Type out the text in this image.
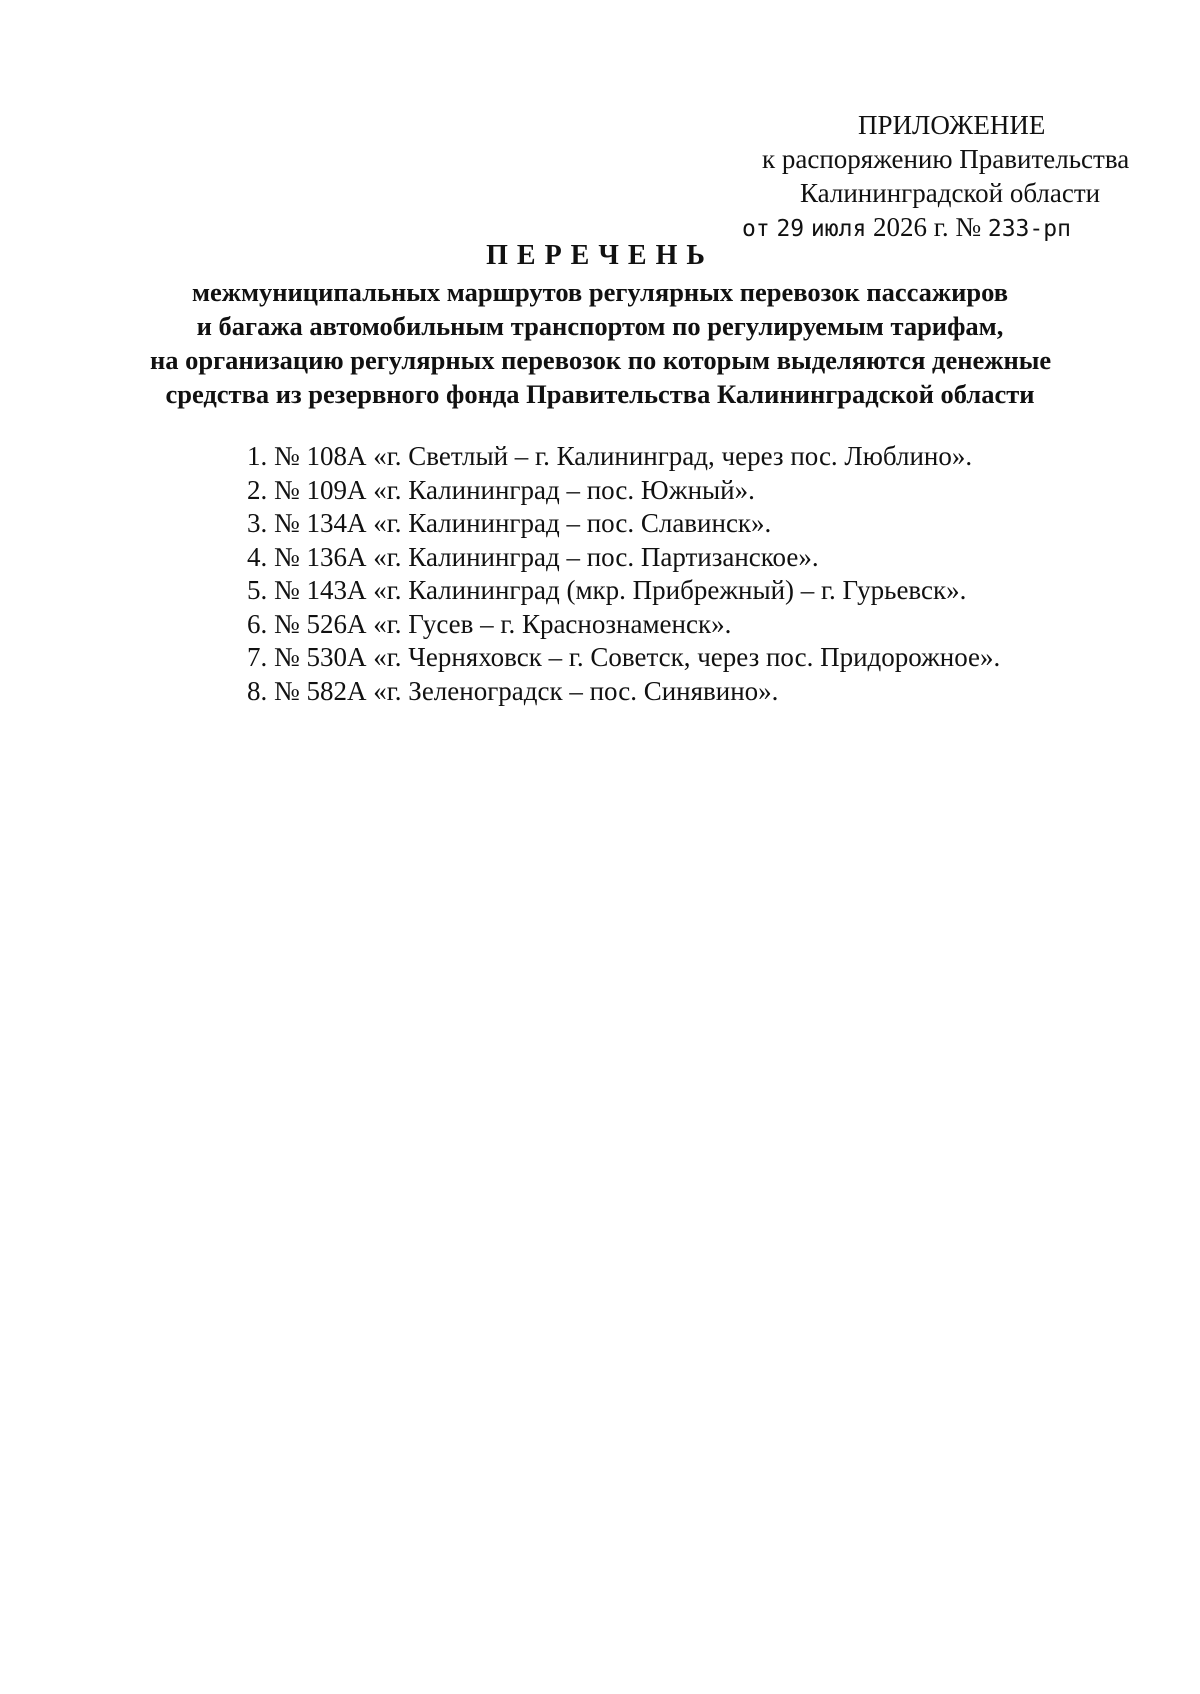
ПРИЛОЖЕНИЕ
к распоряжению Правительства
Калининградской области
от 29 июля 2026 г. № 233-рп
ПЕРЕЧЕНЬ
межмуниципальных маршрутов регулярных перевозок пассажиров
и багажа автомобильным транспортом по регулируемым тарифам,
на организацию регулярных перевозок по которым выделяются денежные
средства из резервного фонда Правительства Калининградской области
1. № 108А «г. Светлый – г. Калининград, через пос. Люблино».
2. № 109А «г. Калининград – пос. Южный».
3. № 134А «г. Калининград – пос. Славинск».
4. № 136А «г. Калининград – пос. Партизанское».
5. № 143А «г. Калининград (мкр. Прибрежный) – г. Гурьевск».
6. № 526А «г. Гусев – г. Краснознаменск».
7. № 530А «г. Черняховск – г. Советск, через пос. Придорожное».
8. № 582А «г. Зеленоградск – пос. Синявино».
